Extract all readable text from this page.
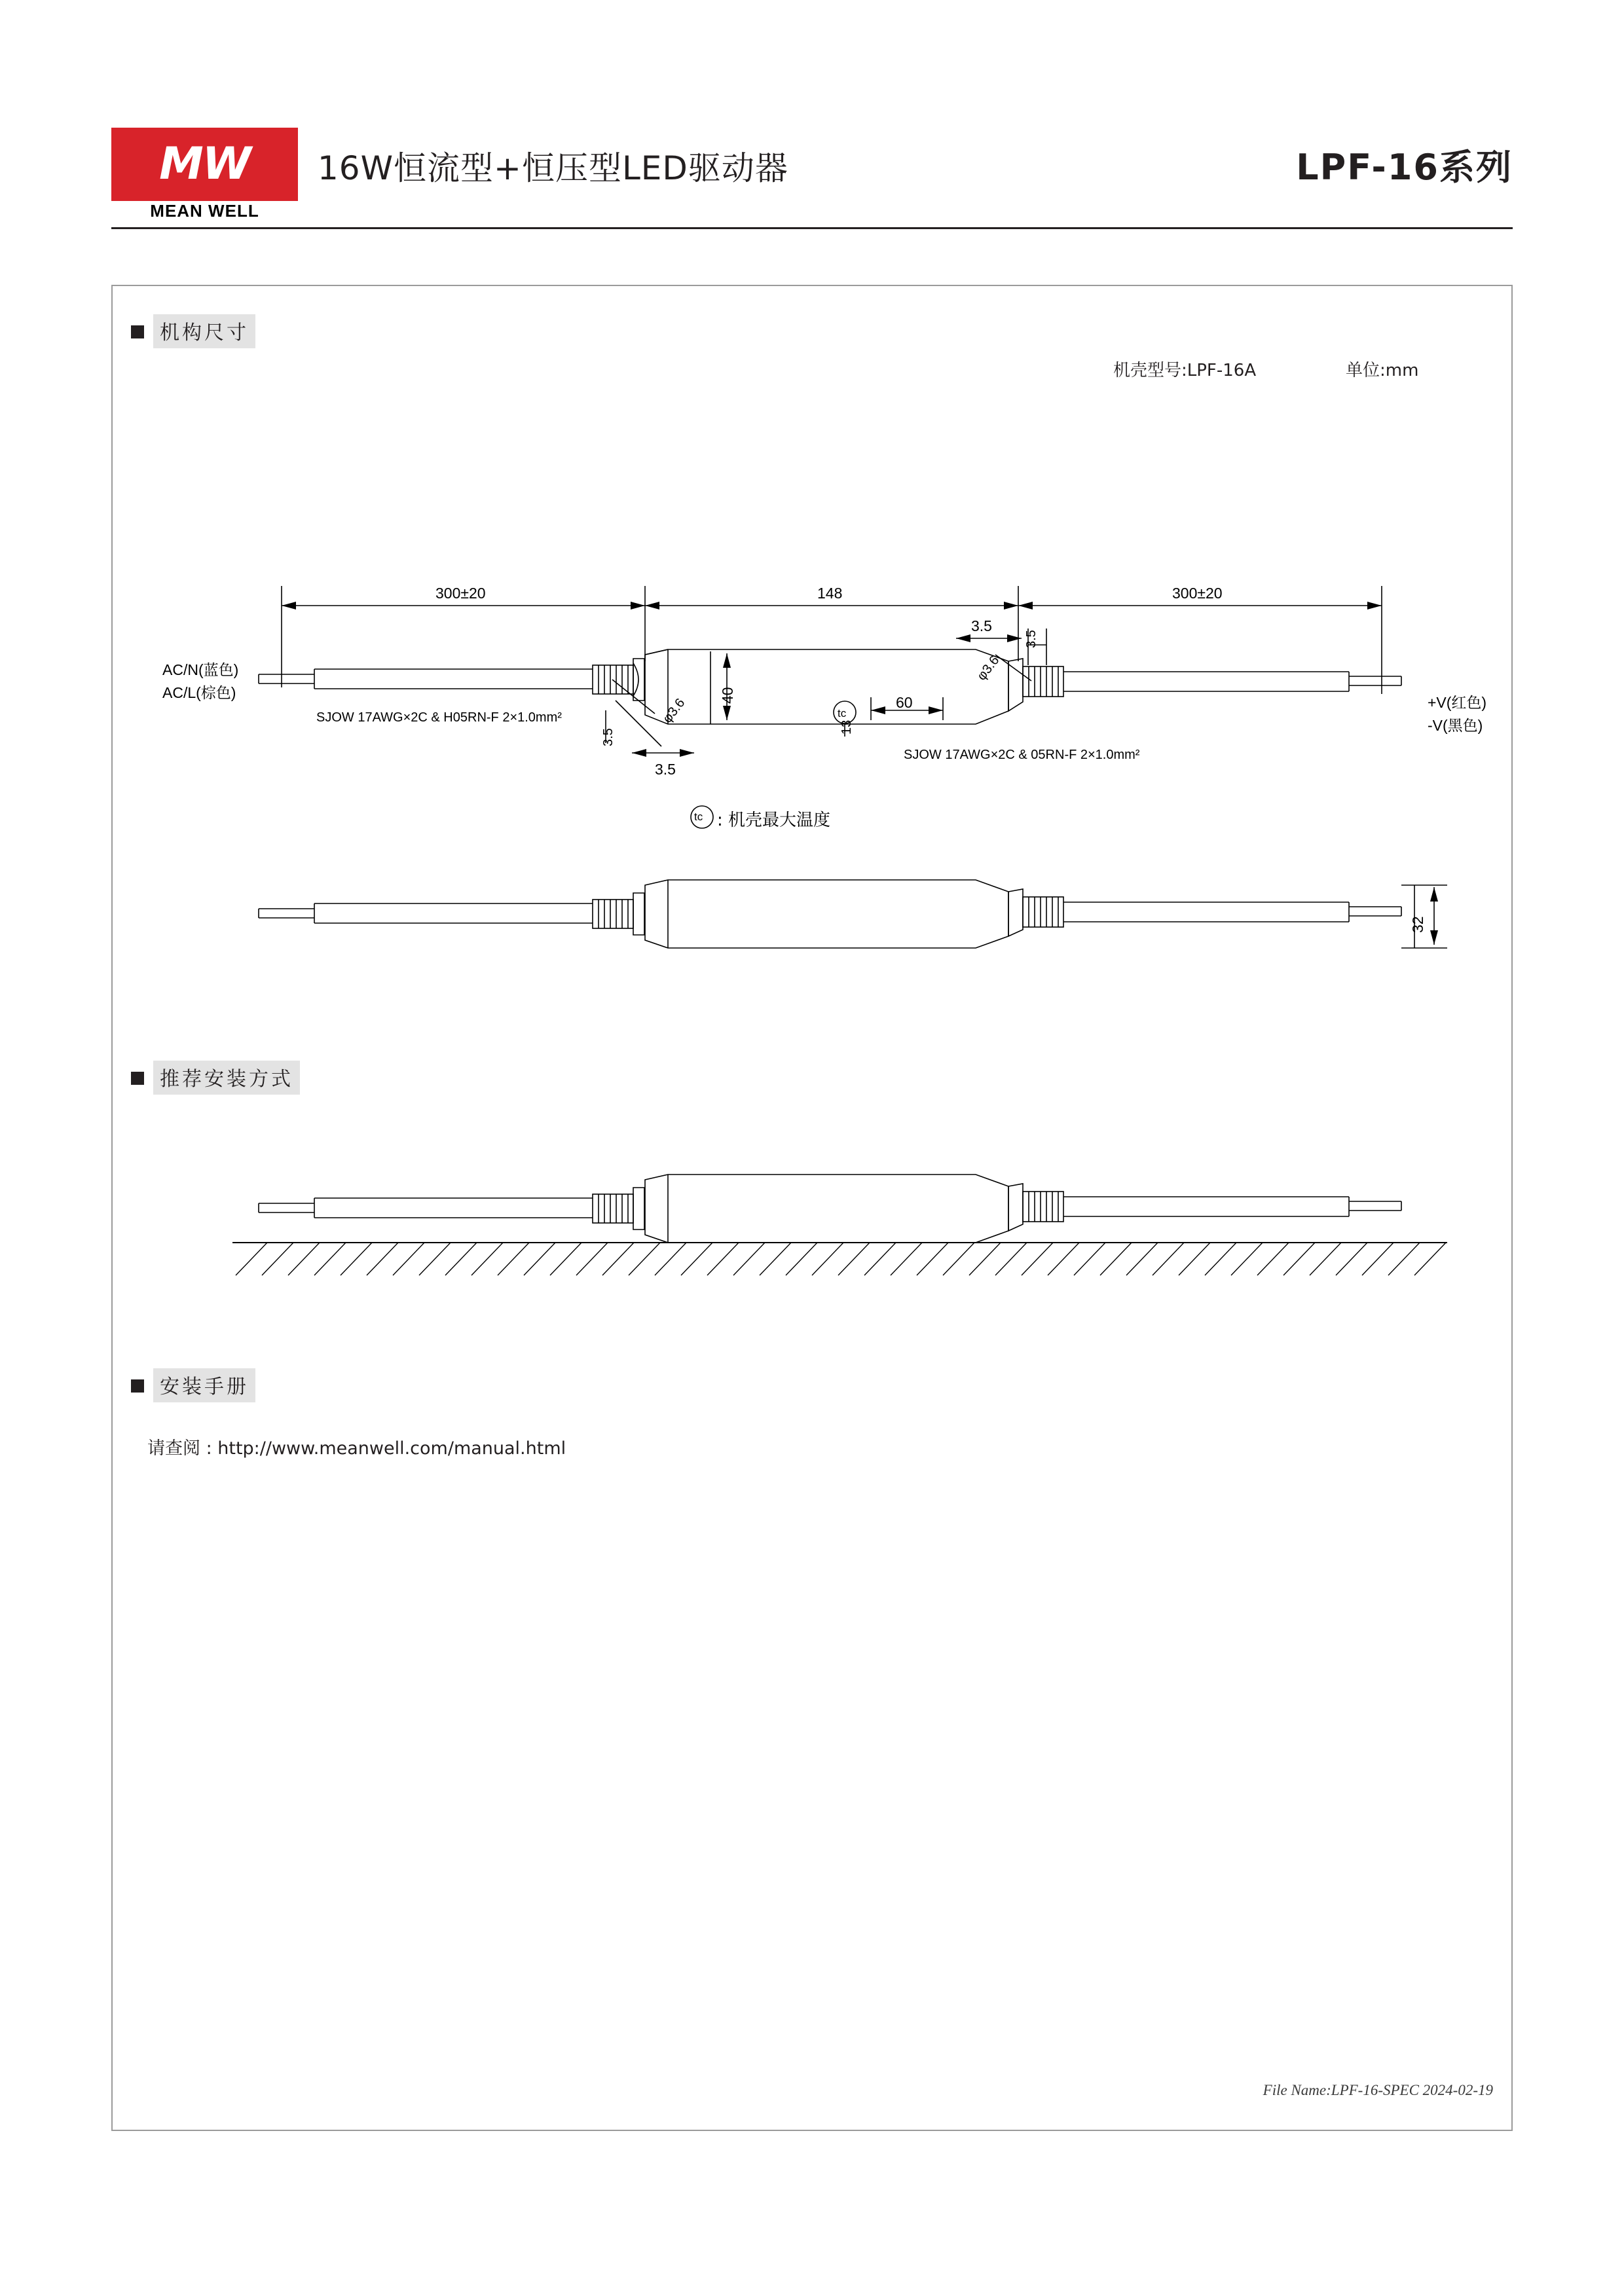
MW
MEAN WELL
16W恒流型+恒压型LED驱动器	LPF-16系列
机构尺寸
推荐安装方式
安装手册
机壳型号:LPF-16A	单位:mm
请查阅 : http://www.meanwell.com/manual.html
File Name:LPF-16-SPEC 2024-02-19
300±20	148	300±20
3.5
3.5
3.5
3.5
40	60
13
32
φ3.6
φ3.6
AC/N(蓝色)
AC/L(棕色)
SJOW 17AWG×2C & H05RN-F 2×1.0mm²
SJOW 17AWG×2C & 05RN-F 2×1.0mm²
+V(红色)
-V(黑色)
tc
tc
: 机壳最大温度
